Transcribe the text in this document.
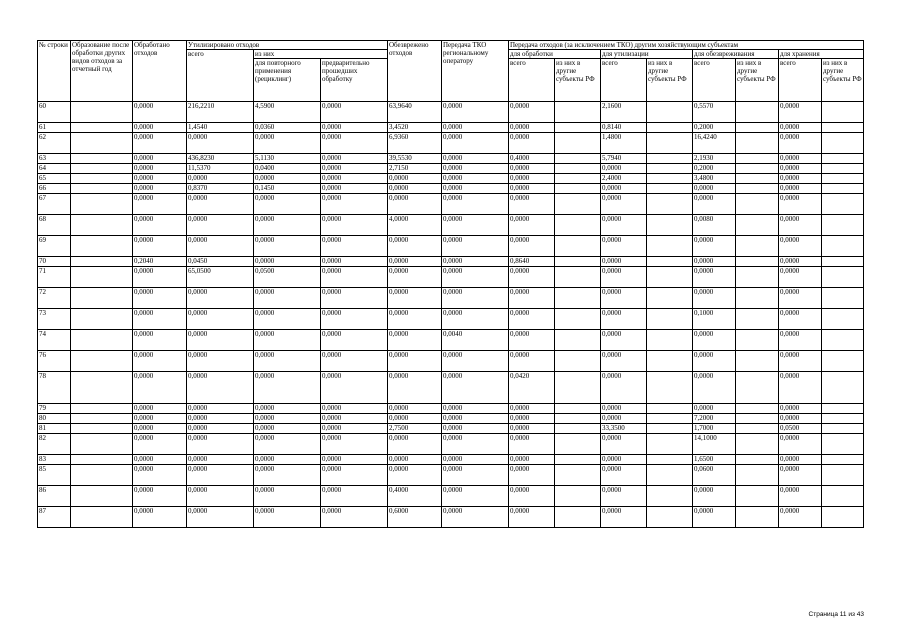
№ строки	Образование после обработки других видов отходов за отчетный год	Обработано отходов	Утилизировано отходов			Обезврежено отходов	Передача ТКО региональному оператору	Передача отходов (за исключением ТКО) другим хозяйствующим субъектам							
			всего	из них				для обработки		для утилизации		для обезвреживания		для хранения	
								всего	из них в другие субъекты РФ	всего	из них в другие субъекты РФ	всего	из них в другие субъекты РФ	всего	из них в другие субъекты РФ
				для повторного применения (рециклинг)	предварительно прошедших обработку										
60		0,0000	216,2210	4,5900	0,0000	63,9640	0,0000	0,0000		2,1600		0,5570		0,0000	
61		0,0000	1,4540	0,0360	0,0000	3,4520	0,0000	0,0000		0,8140		0,2000		0,0000	
62		0,0000	0,0000	0,0000	0,0000	6,9360	0,0000	0,0000		1,4800		16,4240		0,0000	
63		0,0000	436,8230	5,1130	0,0000	39,5530	0,0000	0,4000		5,7940		2,1930		0,0000	
64		0,0000	11,5370	0,0400	0,0000	2,7150	0,0000	0,0000		0,0000		0,2000		0,0000	
65		0,0000	0,0000	0,0000	0,0000	0,0000	0,0000	0,0000		2,4000		3,4800		0,0000	
66		0,0000	0,8370	0,1450	0,0000	0,0000	0,0000	0,0000		0,0000		0,0000		0,0000	
67		0,0000	0,0000	0,0000	0,0000	0,0000	0,0000	0,0000		0,0000		0,0000		0,0000	
68		0,0000	0,0000	0,0000	0,0000	4,0000	0,0000	0,0000		0,0000		0,0080		0,0000	
69		0,0000	0,0000	0,0000	0,0000	0,0000	0,0000	0,0000		0,0000		0,0000		0,0000	
70		0,2040	0,0450	0,0000	0,0000	0,0000	0,0000	0,8640		0,0000		0,0000		0,0000	
71		0,0000	65,0500	0,0500	0,0000	0,0000	0,0000	0,0000		0,0000		0,0000		0,0000	
72		0,0000	0,0000	0,0000	0,0000	0,0000	0,0000	0,0000		0,0000		0,0000		0,0000	
73		0,0000	0,0000	0,0000	0,0000	0,0000	0,0000	0,0000		0,0000		0,1000		0,0000	
74		0,0000	0,0000	0,0000	0,0000	0,0000	0,0040	0,0000		0,0000		0,0000		0,0000	
76		0,0000	0,0000	0,0000	0,0000	0,0000	0,0000	0,0000		0,0000		0,0000		0,0000	
78		0,0000	0,0000	0,0000	0,0000	0,0000	0,0000	0,0420		0,0000		0,0000		0,0000	
79		0,0000	0,0000	0,0000	0,0000	0,0000	0,0000	0,0000		0,0000		0,0000		0,0000	
80		0,0000	0,0000	0,0000	0,0000	0,0000	0,0000	0,0000		0,0000		7,2000		0,0000	
81		0,0000	0,0000	0,0000	0,0000	2,7500	0,0000	0,0000		33,3500		1,7000		0,0500	
82		0,0000	0,0000	0,0000	0,0000	0,0000	0,0000	0,0000		0,0000		14,1000		0,0000	
83		0,0000	0,0000	0,0000	0,0000	0,0000	0,0000	0,0000		0,0000		1,6500		0,0000	
85		0,0000	0,0000	0,0000	0,0000	0,0000	0,0000	0,0000		0,0000		0,0600		0,0000	
86		0,0000	0,0000	0,0000	0,0000	0,4000	0,0000	0,0000		0,0000		0,0000		0,0000	
87		0,0000	0,0000	0,0000	0,0000	0,6000	0,0000	0,0000		0,0000		0,0000		0,0000	
Страница 11 из 43
